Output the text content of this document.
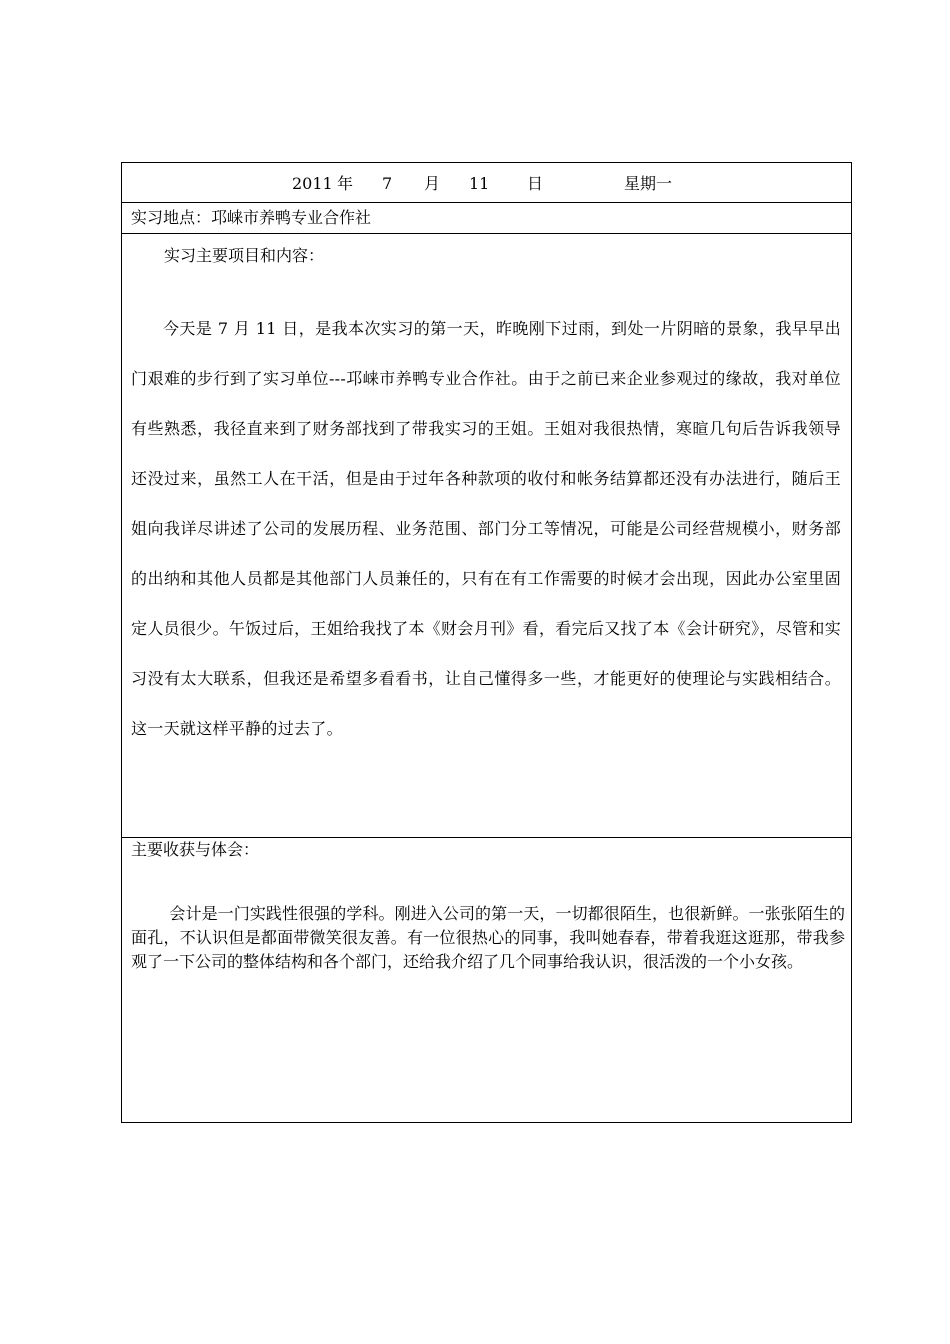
2011 年 7 月 11 日	星期一
实习地点：邛崃市养鸭专业合作社
实习主要项目和内容：

今天是 7 月 11 日，是我本次实习的第一天，昨晚刚下过雨，到处一片阴暗的景象，我早早出门艰难的步行到了实习单位---邛崃市养鸭专业合作社。由于之前已来企业参观过的缘故，我对单位有些熟悉，我径直来到了财务部找到了带我实习的王姐。王姐对我很热情，寒暄几句后告诉我领导还没过来，虽然工人在干活，但是由于过年各种款项的收付和帐务结算都还没有办法进行，随后王姐向我详尽讲述了公司的发展历程、业务范围、部门分工等情况，可能是公司经营规模小，财务部的出纳和其他人员都是其他部门人员兼任的，只有在有工作需要的时候才会出现，因此办公室里固定人员很少。午饭过后，王姐给我找了本《财会月刊》看，看完后又找了本《会计研究》，尽管和实习没有太大联系，但我还是希望多看看书，让自己懂得多一些，才能更好的使理论与实践相结合。这一天就这样平静的过去了。

主要收获与体会：

会计是一门实践性很强的学科。刚进入公司的第一天，一切都很陌生，也很新鲜。一张张陌生的面孔，不认识但是都面带微笑很友善。有一位很热心的同事，我叫她春春，带着我逛这逛那，带我参观了一下公司的整体结构和各个部门，还给我介绍了几个同事给我认识，很活泼的一个小女孩。
